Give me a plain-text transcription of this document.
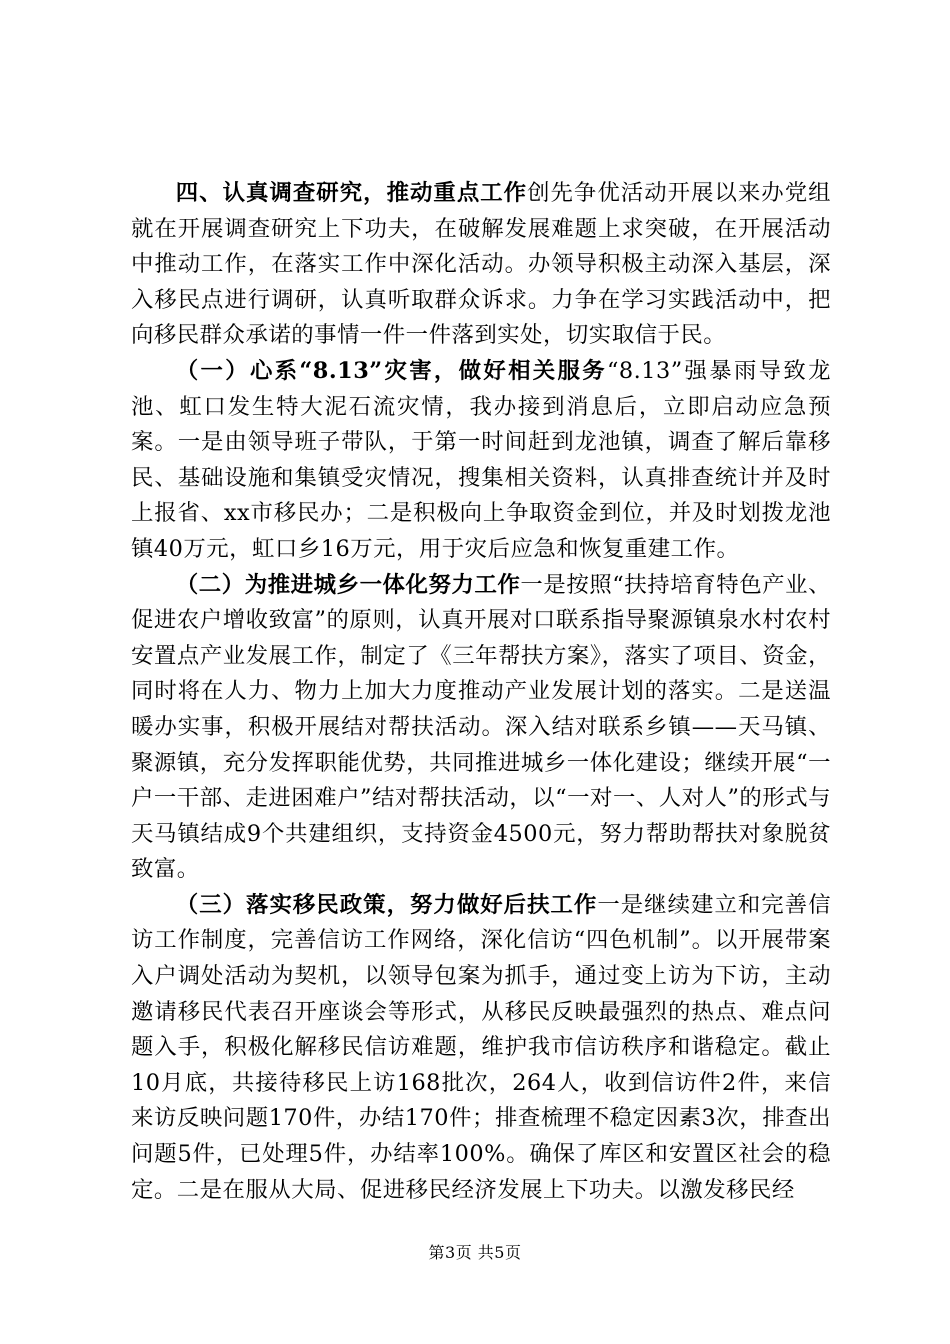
四、认真调查研究，推动重点工作创先争优活动开展以来办党组就在开展调查研究上下功夫，在破解发展难题上求突破，在开展活动中推动工作，在落实工作中深化活动。办领导积极主动深入基层，深入移民点进行调研，认真听取群众诉求。力争在学习实践活动中，把向移民群众承诺的事情一件一件落到实处，切实取信于民。

（一）心系“8.13”灾害，做好相关服务“8.13”强暴雨导致龙池、虹口发生特大泥石流灾情，我办接到消息后，立即启动应急预案。一是由领导班子带队，于第一时间赶到龙池镇，调查了解后靠移民、基础设施和集镇受灾情况，搜集相关资料，认真排查统计并及时上报省、xx市移民办；二是积极向上争取资金到位，并及时划拨龙池镇40万元，虹口乡16万元，用于灾后应急和恢复重建工作。

（二）为推进城乡一体化努力工作一是按照“扶持培育特色产业、促进农户增收致富”的原则，认真开展对口联系指导聚源镇泉水村农村安置点产业发展工作，制定了《三年帮扶方案》，落实了项目、资金，同时将在人力、物力上加大力度推动产业发展计划的落实。二是送温暖办实事，积极开展结对帮扶活动。深入结对联系乡镇——天马镇、聚源镇，充分发挥职能优势，共同推进城乡一体化建设；继续开展“一户一干部、走进困难户”结对帮扶活动，以“一对一、人对人”的形式与天马镇结成9个共建组织，支持资金4500元，努力帮助帮扶对象脱贫致富。

（三）落实移民政策，努力做好后扶工作一是继续建立和完善信访工作制度，完善信访工作网络，深化信访“四色机制”。以开展带案入户调处活动为契机，以领导包案为抓手，通过变上访为下访，主动邀请移民代表召开座谈会等形式，从移民反映最强烈的热点、难点问题入手，积极化解移民信访难题，维护我市信访秩序和谐稳定。截止10月底，共接待移民上访168批次，264人，收到信访件2件，来信来访反映问题170件，办结170件；排查梳理不稳定因素3次，排查出问题5件，已处理5件，办结率100%。确保了库区和安置区社会的稳定。二是在服从大局、促进移民经济发展上下功夫。以激发移民经

第3页 共5页
